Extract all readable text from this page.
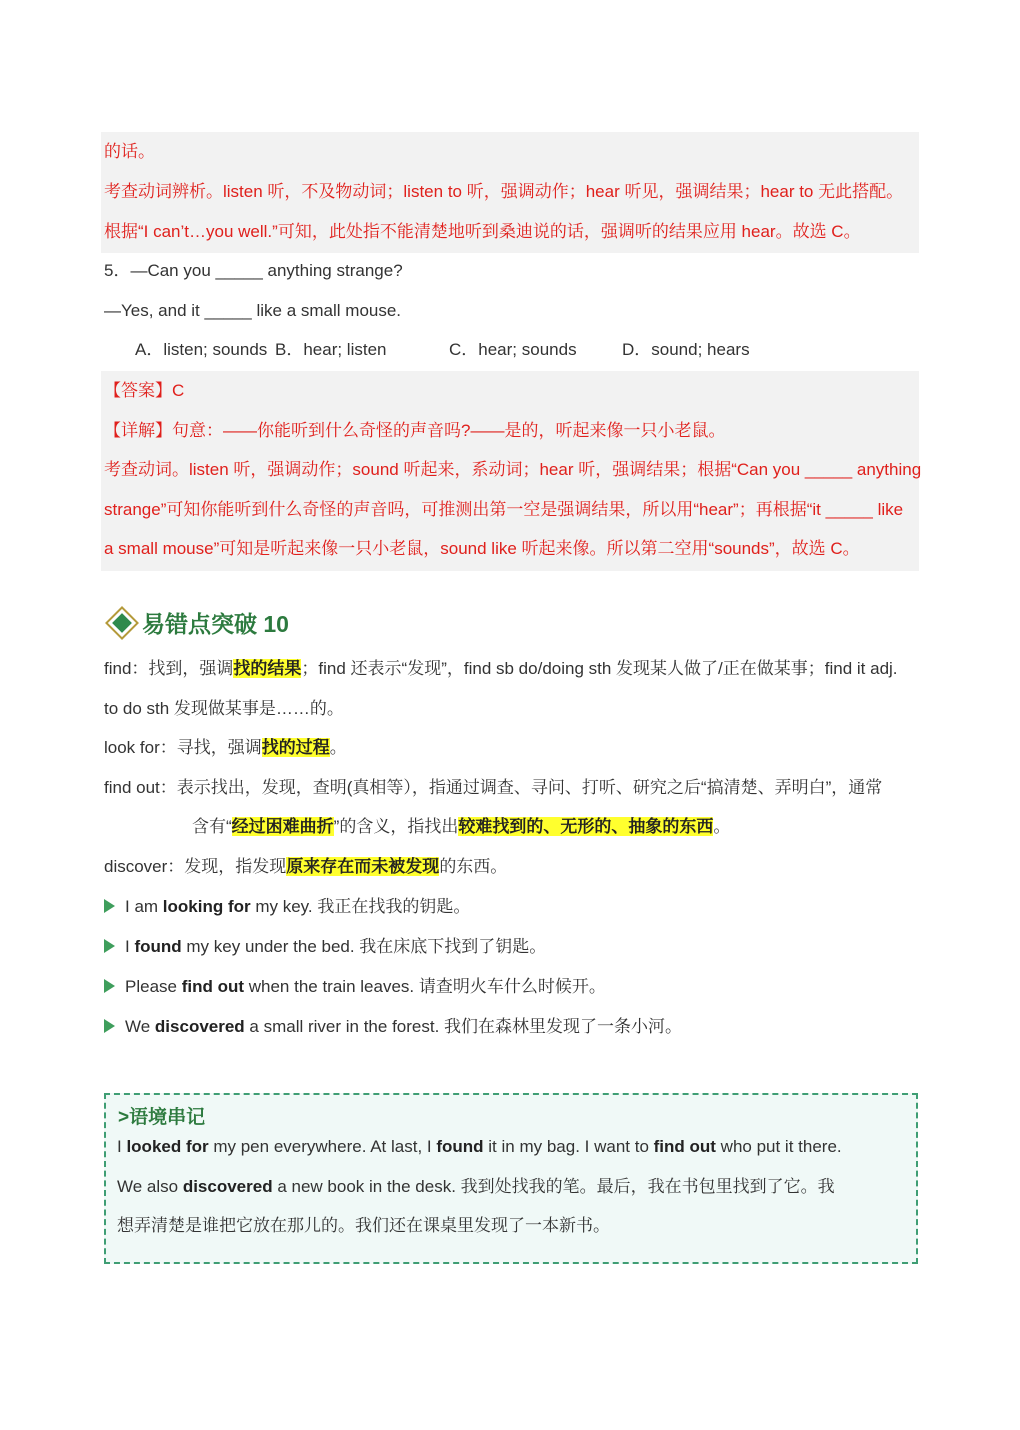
的话。
考查动词辨析。listen 听，不及物动词；listen to 听，强调动作；hear 听见，强调结果；hear to 无此搭配。
根据“I can’t…you well.”可知，此处指不能清楚地听到桑迪说的话，强调听的结果应用 hear。故选 C。
5．—Can you _____ anything strange?
—Yes, and it _____ like a small mouse.
A．listen; sounds B．hear; listen	C．hear; sounds	D．sound; hears
【答案】C
【详解】句意：——你能听到什么奇怪的声音吗?——是的，听起来像一只小老鼠。
考查动词。listen 听，强调动作；sound 听起来，系动词；hear 听，强调结果；根据“Can you _____ anything
strange”可知你能听到什么奇怪的声音吗，可推测出第一空是强调结果，所以用“hear”；再根据“it _____ like
a small mouse”可知是听起来像一只小老鼠，sound like 听起来像。所以第二空用“sounds”，故选 C。
易错点突破 10
find：找到，强调找的结果；find 还表示“发现”，find sb do/doing sth 发现某人做了/正在做某事；find it adj.
to do sth 发现做某事是……的。
look for：寻找，强调找的过程。
find out：表示找出，发现，查明(真相等），指通过调查、寻问、打听、研究之后“搞清楚、弄明白”，通常
含有“经过困难曲折”的含义，指找出较难找到的、无形的、抽象的东西。
discover：发现，指发现原来存在而未被发现的东西。
I am looking for my key. 我正在找我的钥匙。
I found my key under the bed. 我在床底下找到了钥匙。
Please find out when the train leaves. 请查明火车什么时候开。
We discovered a small river in the forest. 我们在森林里发现了一条小河。
>语境串记
I looked for my pen everywhere. At last, I found it in my bag. I want to find out who put it there.
We also discovered a new book in the desk. 我到处找我的笔。最后，我在书包里找到了它。我
想弄清楚是谁把它放在那儿的。我们还在课桌里发现了一本新书。
